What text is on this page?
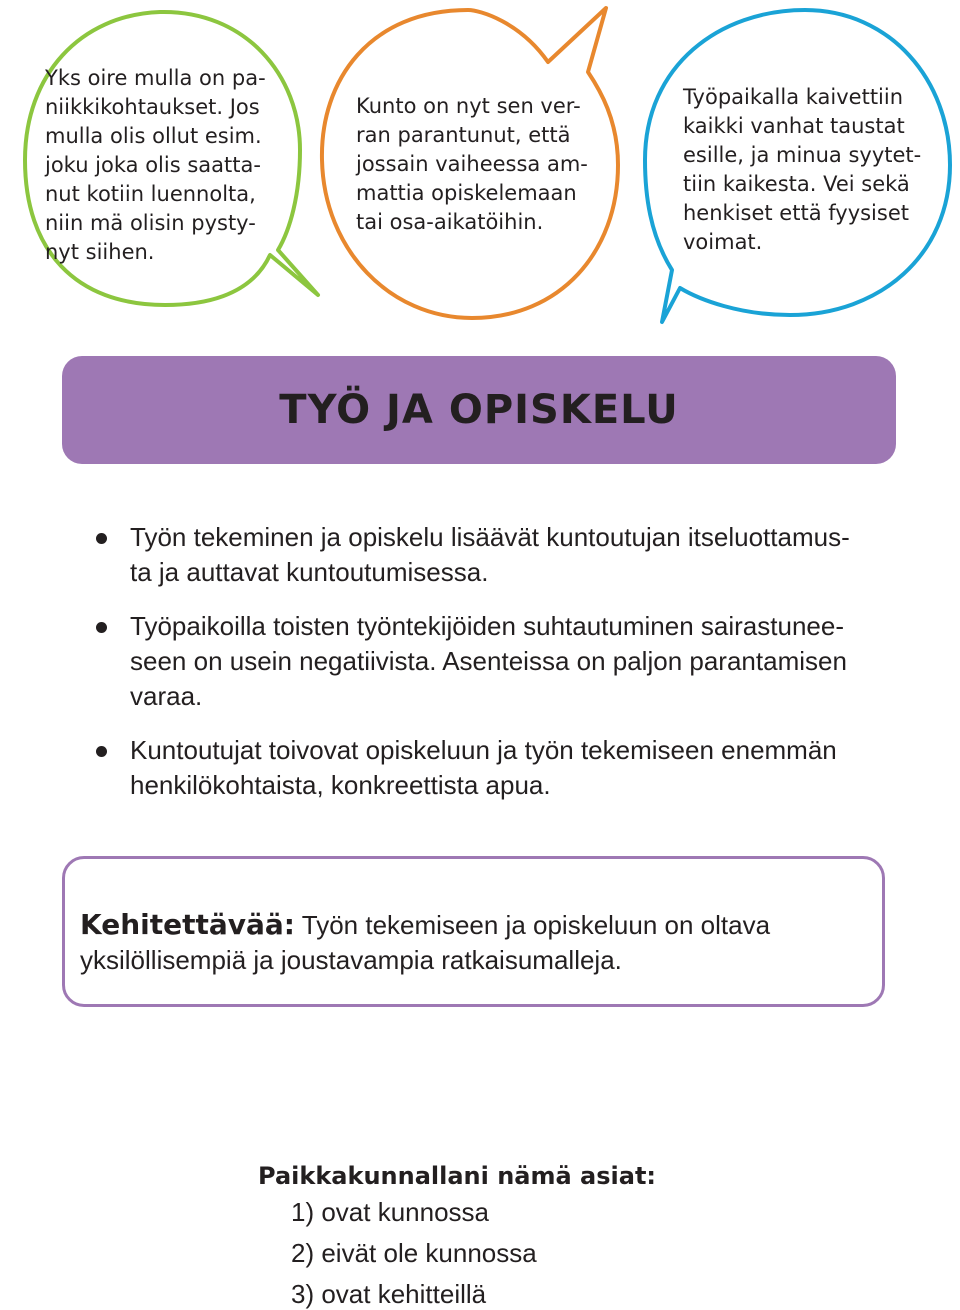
Yks oire mulla on pa-
niikkikohtaukset. Jos
mulla olis ollut esim.
joku joka olis saatta-
nut kotiin luennolta,
niin mä olisin pysty-
nyt siihen.
Kunto on nyt sen ver-
ran parantunut, että
jossain vaiheessa am-
mattia opiskelemaan
tai osa-aikatöihin.
Työpaikalla kaivettiin
kaikki vanhat taustat
esille, ja minua syytet-
tiin kaikesta. Vei sekä
henkiset että fyysiset
voimat.
TYÖ JA OPISKELU
Työn tekeminen ja opiskelu lisäävät kuntoutujan itseluottamus-
ta ja auttavat kuntoutumisessa.
Työpaikoilla toisten työntekijöiden suhtautuminen sairastunee-
seen on usein negatiivista. Asenteissa on paljon parantamisen
varaa.
Kuntoutujat toivovat opiskeluun ja työn tekemiseen enemmän
henkilökohtaista, konkreettista apua.
Kehitettävää: Työn tekemiseen ja opiskeluun on oltava
yksilöllisempiä ja joustavampia ratkaisumalleja.
Paikkakunnallani nämä asiat:
1) ovat kunnossa
2) eivät ole kunnossa
3) ovat kehitteillä
